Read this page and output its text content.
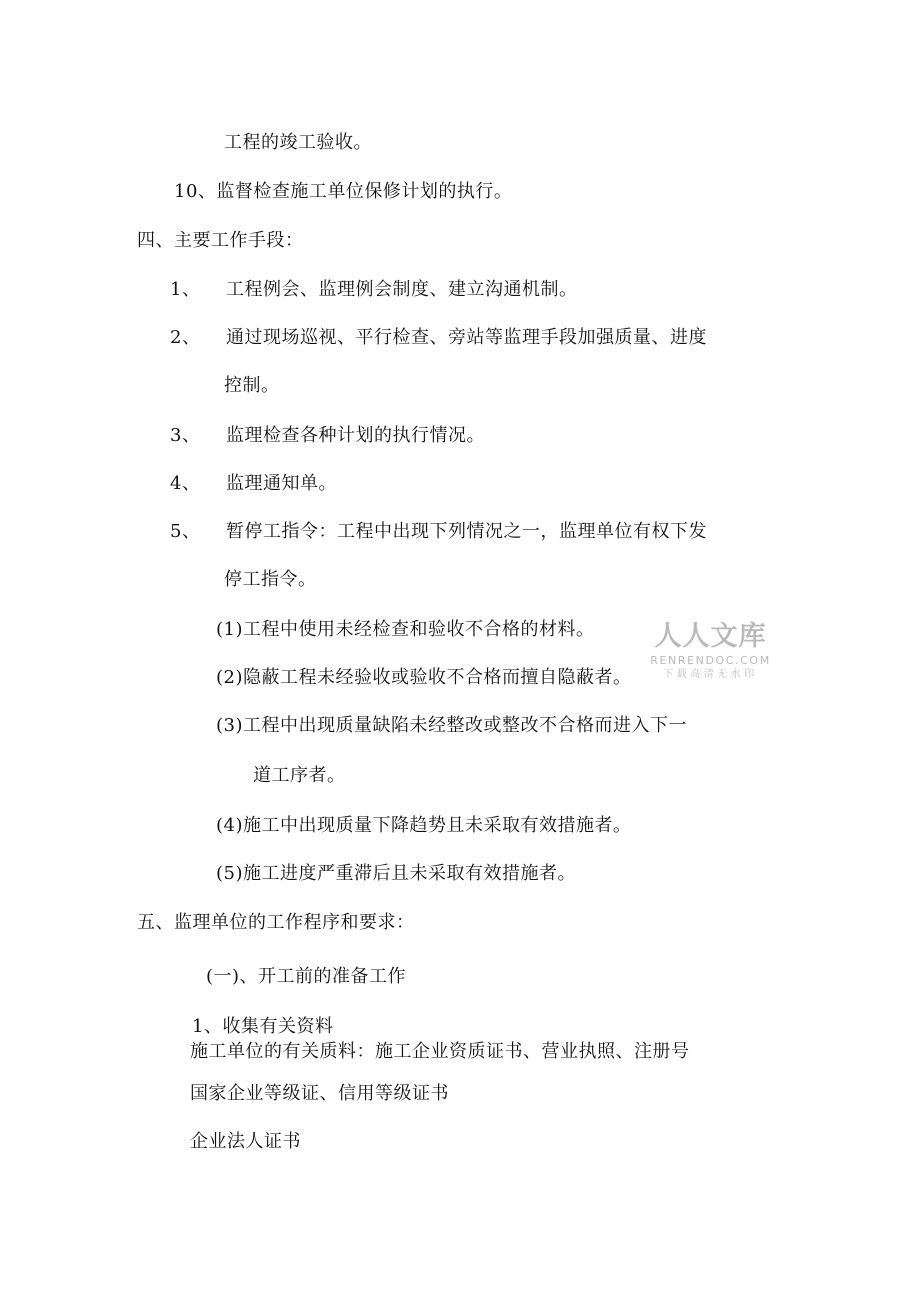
工程的竣工验收。
10、监督检查施工单位保修计划的执行。
四、主要工作手段：
1、 工程例会、监理例会制度、建立沟通机制。
2、 通过现场巡视、平行检查、旁站等监理手段加强质量、进度
控制。
3、 监理检查各种计划的执行情况。
4、 监理通知单。
5、 暂停工指令：工程中出现下列情况之一，监理单位有权下发
停工指令。
(1)工程中使用未经检查和验收不合格的材料。
(2)隐蔽工程未经验收或验收不合格而擅自隐蔽者。
(3)工程中出现质量缺陷未经整改或整改不合格而进入下一
道工序者。
(4)施工中出现质量下降趋势且未采取有效措施者。
(5)施工进度严重滞后且未采取有效措施者。
五、监理单位的工作程序和要求：
(一)、开工前的准备工作
1、收集有关资料
施工单位的有关质料：施工企业资质证书、营业执照、注册号
国家企业等级证、信用等级证书
企业法人证书
人人文库
RENRENDOC.COM
下载高清无水印
